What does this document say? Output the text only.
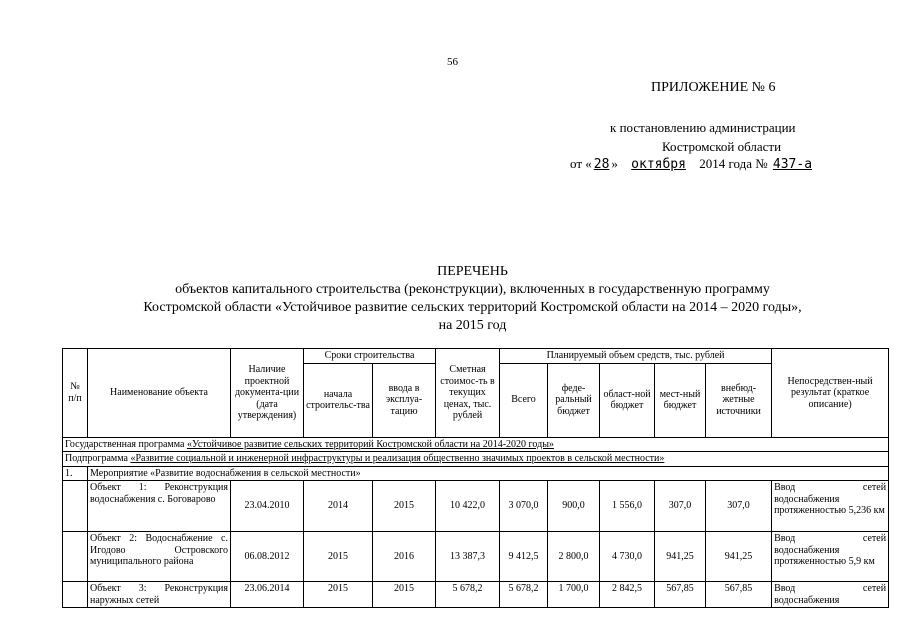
56
ПРИЛОЖЕНИЕ № 6
к постановлению администрации
Костромской области
от « 28 » октября 2014 года № 437-а
ПЕРЕЧЕНЬ
объектов капитального строительства (реконструкции), включенных в государственную программу
Костромской области «Устойчивое развитие сельских территорий Костромской области на 2014 – 2020 годы»,
на 2015 год
№ п/п	Наименование объекта	Наличие проектной документа-ции (дата утверждения)	Сроки строительства		Сметная стоимос-ть в текущих ценах, тыс. рублей	Планируемый объем средств, тыс. рублей					Непосредствен-ный результат (краткое описание)
			начала строительс-тва	ввода в эксплуа-тацию		Всего	феде-ральный бюджет	област-ной бюджет	мест-ный бюджет	внебюд-жетные источники	
Государственная программа «Устойчивое развитие сельских территорий Костромской области на 2014-2020 годы»											
Подпрограмма «Развитие социальной и инженерной инфраструктуры и реализация общественно значимых проектов в сельской местности»											
1.	Мероприятие «Развитие водоснабжения в сельской местности»										
	Объект 1: Реконструкция водоснабжения с. Боговарово	23.04.2010	2014	2015	10 422,0	3 070,0	900,0	1 556,0	307,0	307,0	Ввод сетей водоснабжения протяженностью 5,236 км
	Объект 2: Водоснабжение с. Игодово Островского муниципального района	06.08.2012	2015	2016	13 387,3	9 412,5	2 800,0	4 730,0	941,25	941,25	Ввод сетей водоснабжения протяженностью 5,9 км
	Объект 3: Реконструкция наружных сетей	23.06.2014	2015	2015	5 678,2	5 678,2	1 700,0	2 842,5	567,85	567,85	Ввод сетей водоснабжения
